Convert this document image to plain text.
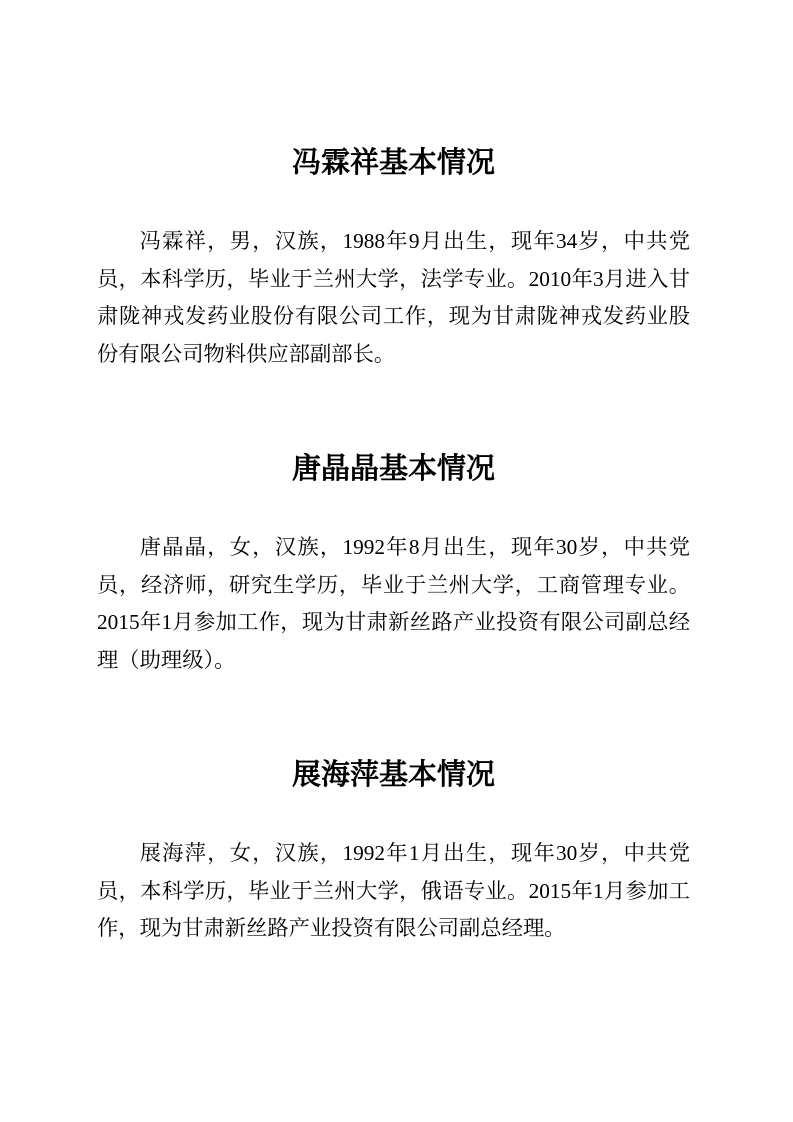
冯霖祥基本情况
冯霖祥，男，汉族，1988年9月出生，现年34岁，中共党
员，本科学历，毕业于兰州大学，法学专业。2010年3月进入甘
肃陇神戎发药业股份有限公司工作，现为甘肃陇神戎发药业股
份有限公司物料供应部副部长。
唐晶晶基本情况
唐晶晶，女，汉族，1992年8月出生，现年30岁，中共党
员，经济师，研究生学历，毕业于兰州大学，工商管理专业。
2015年1月参加工作，现为甘肃新丝路产业投资有限公司副总经
理（助理级）。
展海萍基本情况
展海萍，女，汉族，1992年1月出生，现年30岁，中共党
员，本科学历，毕业于兰州大学，俄语专业。2015年1月参加工
作，现为甘肃新丝路产业投资有限公司副总经理。
